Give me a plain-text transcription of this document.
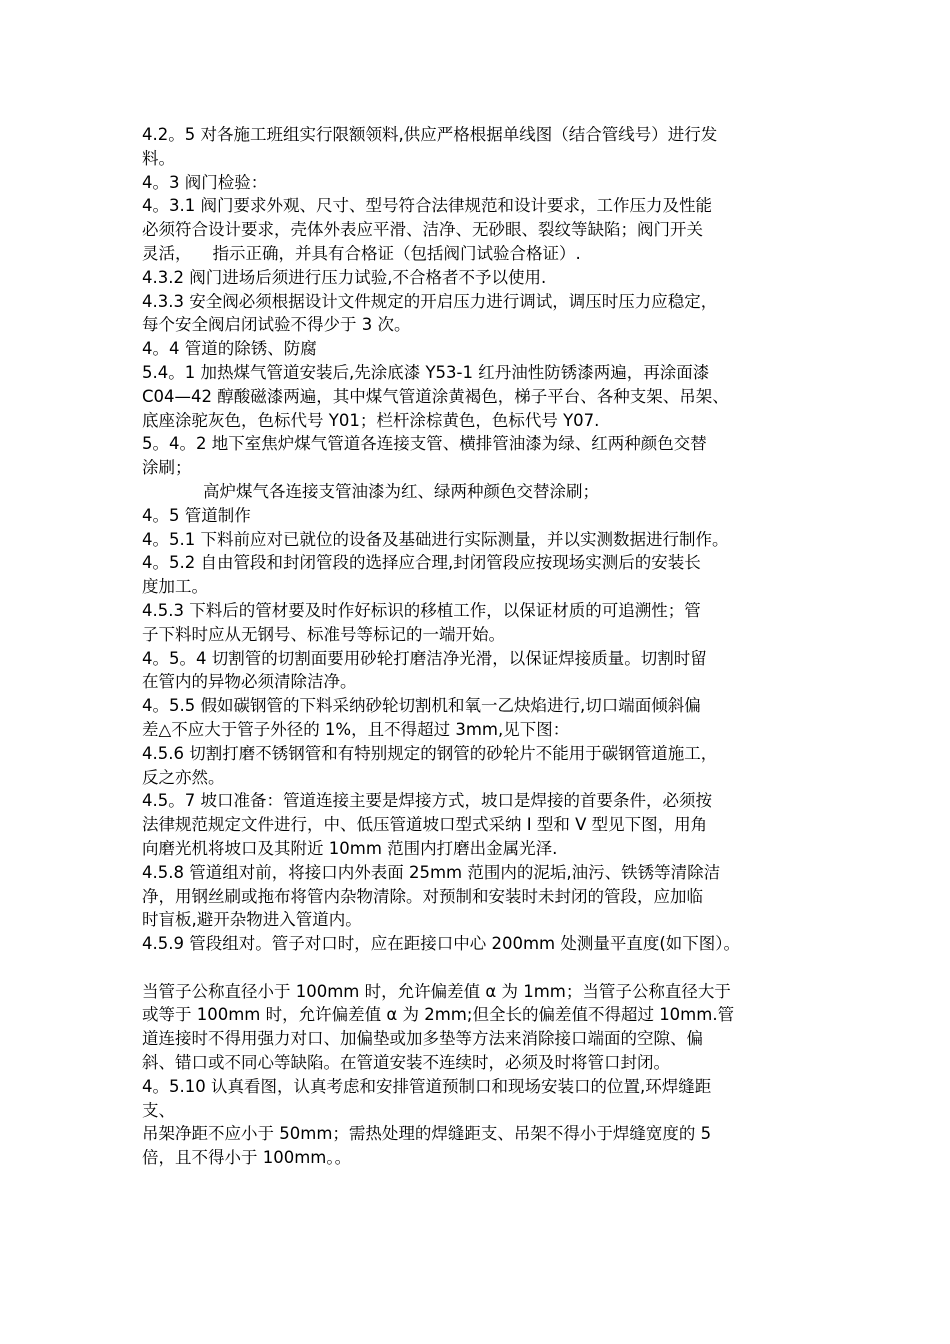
4.2。5 对各施工班组实行限额领料,供应严格根据单线图（结合管线号）进行发
料。
4。3 阀门检验：
4。3.1 阀门要求外观、尺寸、型号符合法律规范和设计要求，工作压力及性能
必须符合设计要求，壳体外表应平滑、洁净、无砂眼、裂纹等缺陷；阀门开关
灵活，    指示正确，并具有合格证（包括阀门试验合格证）.
4.3.2 阀门进场后须进行压力试验,不合格者不予以使用.
4.3.3 安全阀必须根据设计文件规定的开启压力进行调试，调压时压力应稳定，
每个安全阀启闭试验不得少于 3 次。
4。4 管道的除锈、防腐
5.4。1 加热煤气管道安装后,先涂底漆 Y53-1 红丹油性防锈漆两遍，再涂面漆
C04—42 醇酸磁漆两遍，其中煤气管道涂黄褐色，梯子平台、各种支架、吊架、
底座涂驼灰色，色标代号 Y01；栏杆涂棕黄色，色标代号 Y07.
5。4。2 地下室焦炉煤气管道各连接支管、横排管油漆为绿、红两种颜色交替
涂刷；
高炉煤气各连接支管油漆为红、绿两种颜色交替涂刷；
4。5 管道制作
4。5.1 下料前应对已就位的设备及基础进行实际测量，并以实测数据进行制作。
4。5.2 自由管段和封闭管段的选择应合理,封闭管段应按现场实测后的安装长
度加工。
4.5.3 下料后的管材要及时作好标识的移植工作，以保证材质的可追溯性；管
子下料时应从无钢号、标准号等标记的一端开始。
4。5。4 切割管的切割面要用砂轮打磨洁净光滑，以保证焊接质量。切割时留
在管内的异物必须清除洁净。
4。5.5 假如碳钢管的下料采纳砂轮切割机和氧一乙炔焰进行,切口端面倾斜偏
差△不应大于管子外径的 1%，且不得超过 3mm,见下图：
4.5.6 切割打磨不锈钢管和有特别规定的钢管的砂轮片不能用于碳钢管道施工，
反之亦然。
4.5。7 坡口准备：管道连接主要是焊接方式，坡口是焊接的首要条件，必须按
法律规范规定文件进行，中、低压管道坡口型式采纳 I 型和 V 型见下图，用角
向磨光机将坡口及其附近 10mm 范围内打磨出金属光泽.
4.5.8 管道组对前，将接口内外表面 25mm 范围内的泥垢,油污、铁锈等清除洁
净，用钢丝刷或拖布将管内杂物清除。对预制和安装时未封闭的管段，应加临
时盲板,避开杂物进入管道内。
4.5.9 管段组对。管子对口时，应在距接口中心 200mm 处测量平直度(如下图）。
当管子公称直径小于 100mm 时，允许偏差值 α 为 1mm；当管子公称直径大于
或等于 100mm 时，允许偏差值 α 为 2mm;但全长的偏差值不得超过 10mm.管
道连接时不得用强力对口、加偏垫或加多垫等方法来消除接口端面的空隙、偏
斜、错口或不同心等缺陷。在管道安装不连续时，必须及时将管口封闭。
4。5.10 认真看图，认真考虑和安排管道预制口和现场安装口的位置,环焊缝距
支、
吊架净距不应小于 50mm；需热处理的焊缝距支、吊架不得小于焊缝宽度的 5
倍，且不得小于 100mm。。
